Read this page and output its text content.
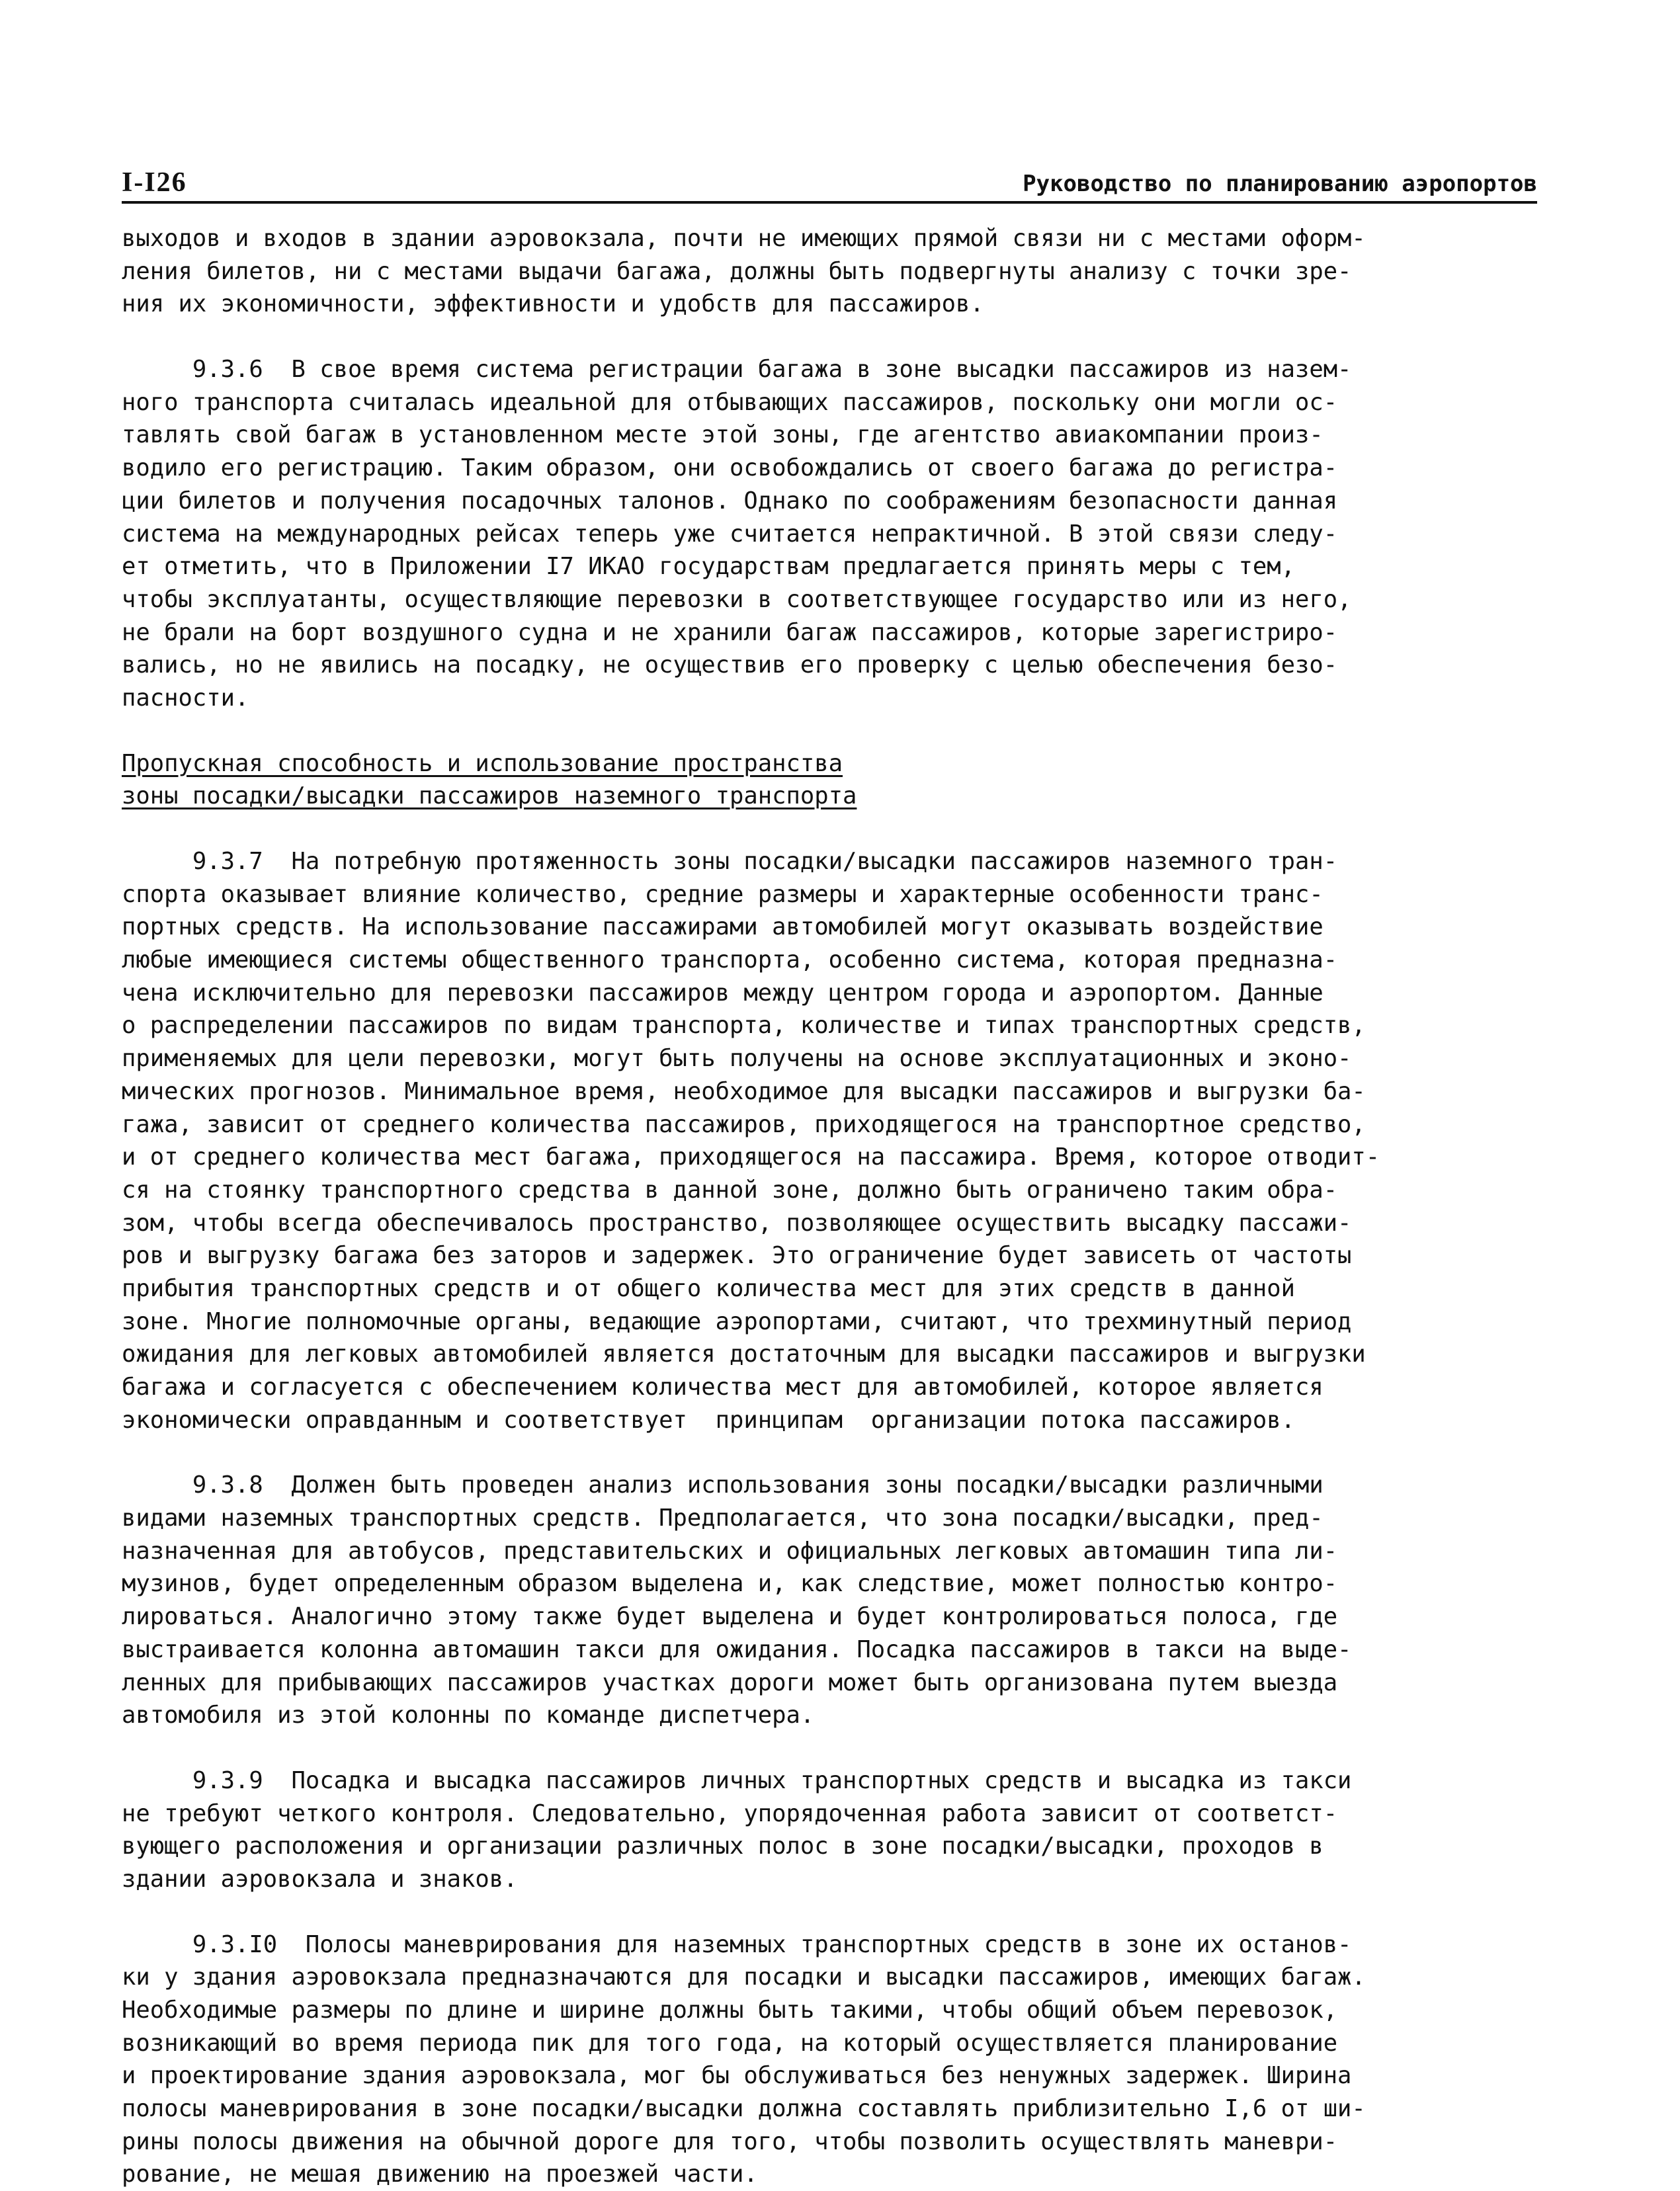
I-I26	Руководство по планированию аэропортов
выходов и входов в здании аэровокзала, почти не имеющих прямой связи ни с местами оформ-
ления билетов, ни с местами выдачи багажа, должны быть подвергнуты анализу с точки зре-
ния их экономичности, эффективности и удобств для пассажиров.
9.3.6  В свое время система регистрации багажа в зоне высадки пассажиров из назем-
ного транспорта считалась идеальной для отбывающих пассажиров, поскольку они могли ос-
тавлять свой багаж в установленном месте этой зоны, где агентство авиакомпании произ-
водило его регистрацию. Таким образом, они освобождались от своего багажа до регистра-
ции билетов и получения посадочных талонов. Однако по соображениям безопасности данная
система на международных рейсах теперь уже считается непрактичной. В этой связи следу-
ет отметить, что в Приложении I7 ИКАО государствам предлагается принять меры с тем,
чтобы эксплуатанты, осуществляющие перевозки в соответствующее государство или из него,
не брали на борт воздушного судна и не хранили багаж пассажиров, которые зарегистриро-
вались, но не явились на посадку, не осуществив его проверку с целью обеспечения безо-
пасности.
Пропускная способность и использование пространства
зоны посадки/высадки пассажиров наземного транспорта
9.3.7  На потребную протяженность зоны посадки/высадки пассажиров наземного тран-
спорта оказывает влияние количество, средние размеры и характерные особенности транс-
портных средств. На использование пассажирами автомобилей могут оказывать воздействие
любые имеющиеся системы общественного транспорта, особенно система, которая предназна-
чена исключительно для перевозки пассажиров между центром города и аэропортом. Данные
о распределении пассажиров по видам транспорта, количестве и типах транспортных средств,
применяемых для цели перевозки, могут быть получены на основе эксплуатационных и эконо-
мических прогнозов. Минимальное время, необходимое для высадки пассажиров и выгрузки ба-
гажа, зависит от среднего количества пассажиров, приходящегося на транспортное средство,
и от среднего количества мест багажа, приходящегося на пассажира. Время, которое отводит-
ся на стоянку транспортного средства в данной зоне, должно быть ограничено таким обра-
зом, чтобы всегда обеспечивалось пространство, позволяющее осуществить высадку пассажи-
ров и выгрузку багажа без заторов и задержек. Это ограничение будет зависеть от частоты
прибытия транспортных средств и от общего количества мест для этих средств в данной
зоне. Многие полномочные органы, ведающие аэропортами, считают, что трехминутный период
ожидания для легковых автомобилей является достаточным для высадки пассажиров и выгрузки
багажа и согласуется с обеспечением количества мест для автомобилей, которое является
экономически оправданным и соответствует  принципам  организации потока пассажиров.
9.3.8  Должен быть проведен анализ использования зоны посадки/высадки различными
видами наземных транспортных средств. Предполагается, что зона посадки/высадки, пред-
назначенная для автобусов, представительских и официальных легковых автомашин типа ли-
музинов, будет определенным образом выделена и, как следствие, может полностью контро-
лироваться. Аналогично этому также будет выделена и будет контролироваться полоса, где
выстраивается колонна автомашин такси для ожидания. Посадка пассажиров в такси на выде-
ленных для прибывающих пассажиров участках дороги может быть организована путем выезда
автомобиля из этой колонны по команде диспетчера.
9.3.9  Посадка и высадка пассажиров личных транспортных средств и высадка из такси
не требуют четкого контроля. Следовательно, упорядоченная работа зависит от соответст-
вующего расположения и организации различных полос в зоне посадки/высадки, проходов в
здании аэровокзала и знаков.
9.3.I0  Полосы маневрирования для наземных транспортных средств в зоне их останов-
ки у здания аэровокзала предназначаются для посадки и высадки пассажиров, имеющих багаж.
Необходимые размеры по длине и ширине должны быть такими, чтобы общий объем перевозок,
возникающий во время периода пик для того года, на который осуществляется планирование
и проектирование здания аэровокзала, мог бы обслуживаться без ненужных задержек. Ширина
полосы маневрирования в зоне посадки/высадки должна составлять приблизительно I,6 от ши-
рины полосы движения на обычной дороге для того, чтобы позволить осуществлять маневри-
рование, не мешая движению на проезжей части.
